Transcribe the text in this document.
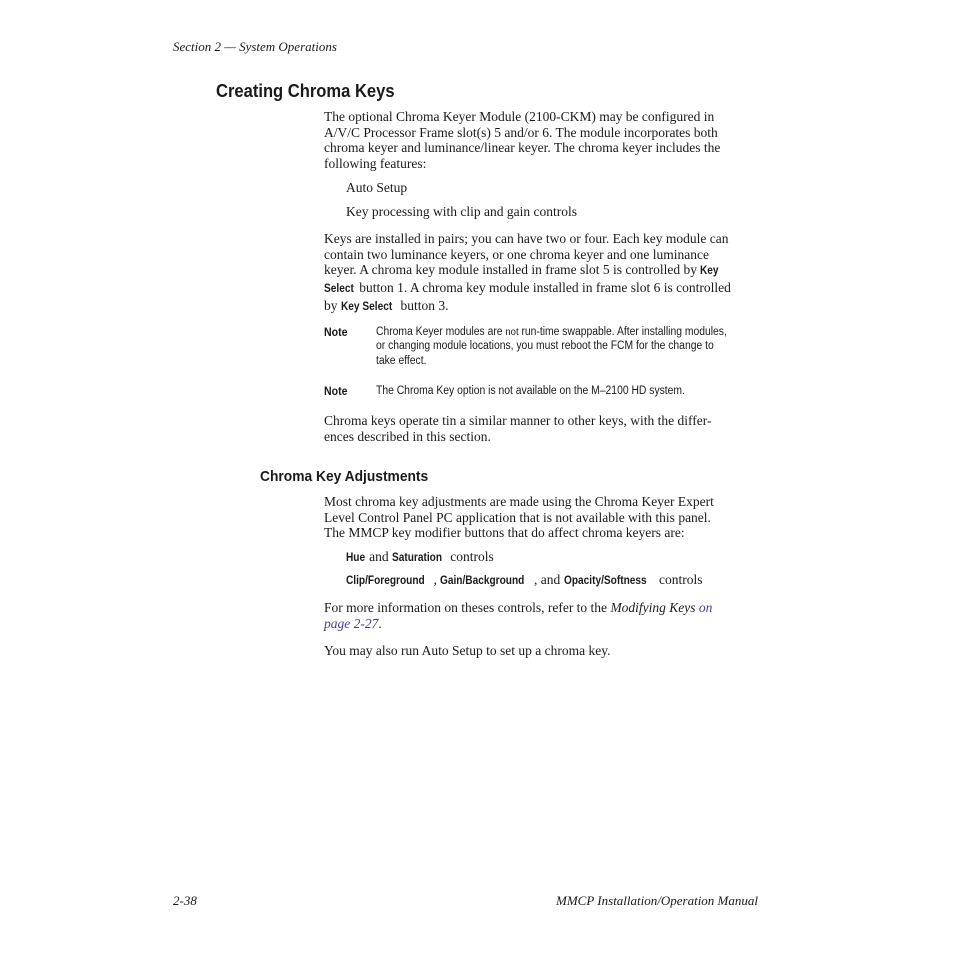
Section 2 — System Operations
Creating Chroma Keys
The optional Chroma Keyer Module (2100-CKM) may be configured in
A/V/C Processor Frame slot(s) 5 and/or 6. The module incorporates both
chroma keyer and luminance/linear keyer. The chroma keyer includes the
following features:
Auto Setup
Key processing with clip and gain controls
Keys are installed in pairs; you can have two or four. Each key module can
contain two luminance keyers, or one chroma keyer and one luminance
keyer. A chroma key module installed in frame slot 5 is controlled by Key
Select button 1. A chroma key module installed in frame slot 6 is controlled
by Key Select button 3.
Note Chroma Keyer modules are not run-time swappable. After installing modules,
or changing module locations, you must reboot the FCM for the change to
take effect.
Note The Chroma Key option is not available on the M–2100 HD system.
Chroma keys operate tin a similar manner to other keys, with the differ-
ences described in this section.
Chroma Key Adjustments
Most chroma key adjustments are made using the Chroma Keyer Expert
Level Control Panel PC application that is not available with this panel.
The MMCP key modifier buttons that do affect chroma keyers are:
Hue and Saturation controls
Clip/Foreground , Gain/Background , and Opacity/Softness controls
For more information on theses controls, refer to the Modifying Keys on
page 2-27.
You may also run Auto Setup to set up a chroma key.
2-38	MMCP Installation/Operation Manual
